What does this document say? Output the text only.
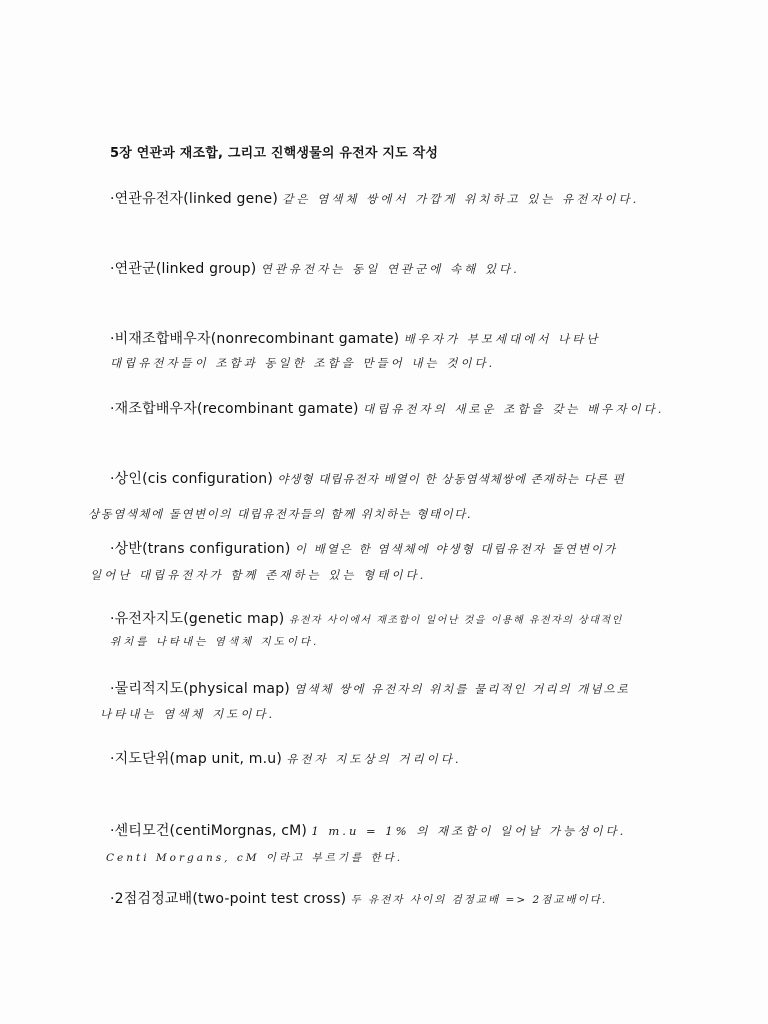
5장 연관과 재조합, 그리고 진핵생물의 유전자 지도 작성
·연관유전자(linked gene) 같은 염색체 쌍에서 가깝게 위치하고 있는 유전자이다.
·연관군(linked group) 연관유전자는 동일 연관군에 속해 있다.
·비재조합배우자(nonrecombinant gamate) 배우자가 부모세대에서 나타난
대립유전자들이 조합과 동일한 조합을 만들어 내는 것이다.
·재조합배우자(recombinant gamate) 대립유전자의 새로운 조합을 갖는 배우자이다.
·상인(cis configuration) 야생형 대립유전자 배열이 한 상동염색체쌍에 존재하는 다른 편
상동염색체에 돌연변이의 대립유전자들의 함께 위치하는 형태이다.
·상반(trans configuration) 이 배열은 한 염색체에 야생형 대립유전자 돌연변이가
일어난 대립유전자가 함께 존재하는 있는 형태이다.
·유전자지도(genetic map) 유전자 사이에서 재조합이 일어난 것을 이용해 유전자의 상대적인
위치를 나타내는 염색체 지도이다.
·물리적지도(physical map) 염색체 쌍에 유전자의 위치를 물리적인 거리의 개념으로
나타내는 염색체 지도이다.
·지도단위(map unit, m.u) 유전자 지도상의 거리이다.
·센티모건(centiMorgnas, cM) 1 m.u = 1% 의 재조합이 일어날 가능성이다.
Centi Morgans, cM 이라고 부르기를 한다.
·2점검정교배(two-point test cross) 두 유전자 사이의 검정교배 => 2점교배이다.
